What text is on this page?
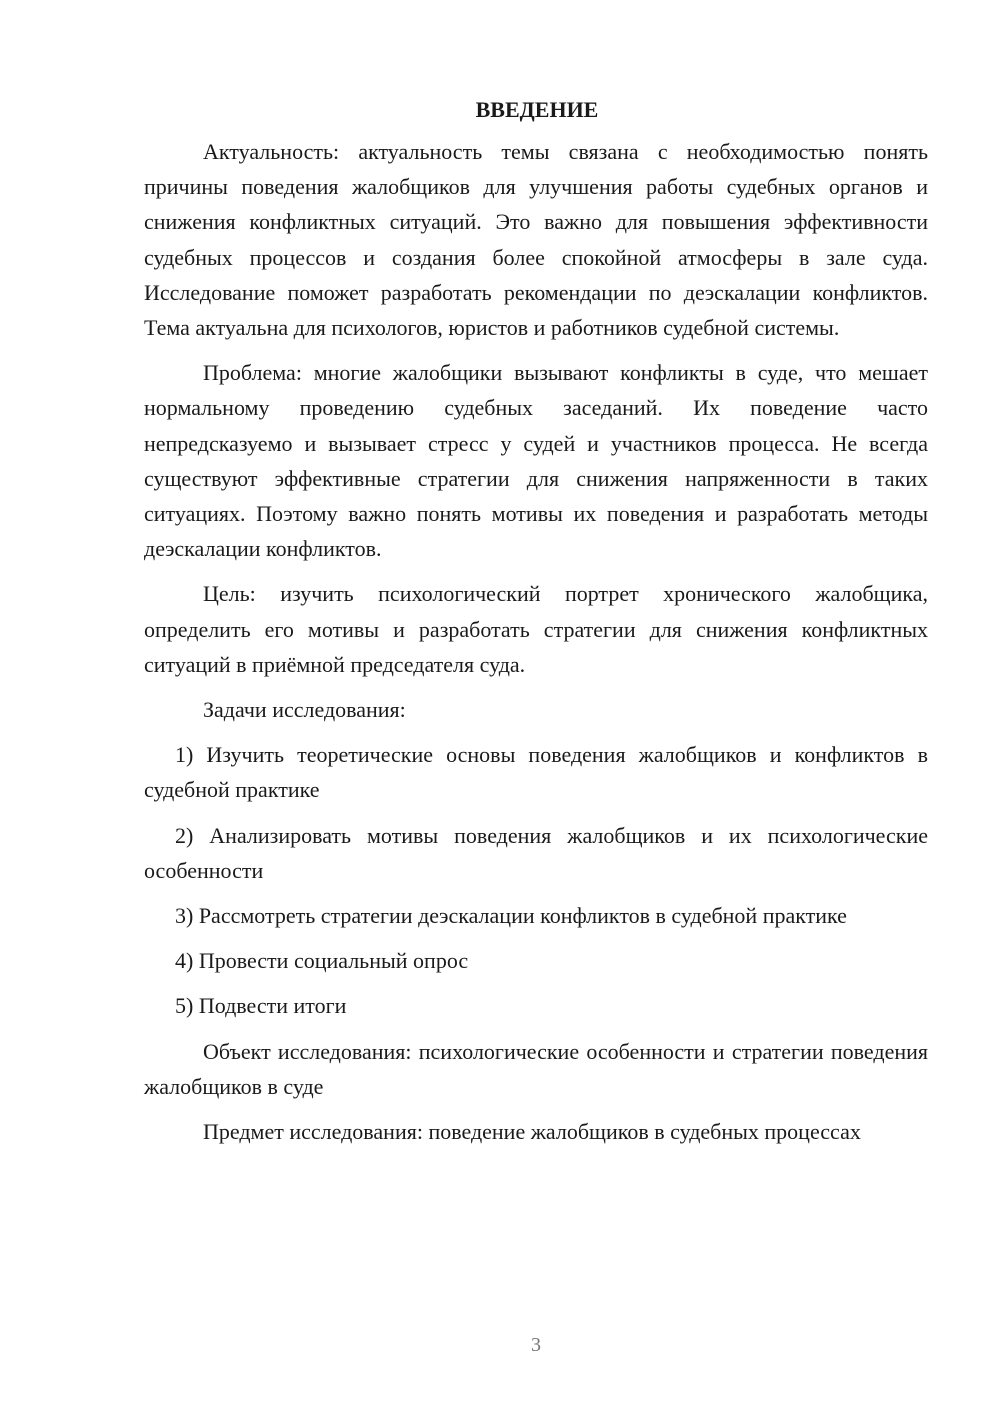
ВВЕДЕНИЕ

Актуальность: актуальность темы связана с необходимостью понять причины поведения жалобщиков для улучшения работы судебных органов и снижения конфликтных ситуаций. Это важно для повышения эффективности судебных процессов и создания более спокойной атмосферы в зале суда. Исследование поможет разработать рекомендации по деэскалации конфликтов. Тема актуальна для психологов, юристов и работников судебной системы.

Проблема: многие жалобщики вызывают конфликты в суде, что мешает нормальному проведению судебных заседаний. Их поведение часто непредсказуемо и вызывает стресс у судей и участников процесса. Не всегда существуют эффективные стратегии для снижения напряженности в таких ситуациях. Поэтому важно понять мотивы их поведения и разработать методы деэскалации конфликтов.

Цель: изучить психологический портрет хронического жалобщика, определить его мотивы и разработать стратегии для снижения конфликтных ситуаций в приёмной председателя суда.

Задачи исследования:

1) Изучить теоретические основы поведения жалобщиков и конфликтов в судебной практике

2) Анализировать мотивы поведения жалобщиков и их психологические особенности

3) Рассмотреть стратегии деэскалации конфликтов в судебной практике

4) Провести социальный опрос

5) Подвести итоги

Объект исследования: психологические особенности и стратегии поведения жалобщиков в суде

Предмет исследования: поведение жалобщиков в судебных процессах

3
